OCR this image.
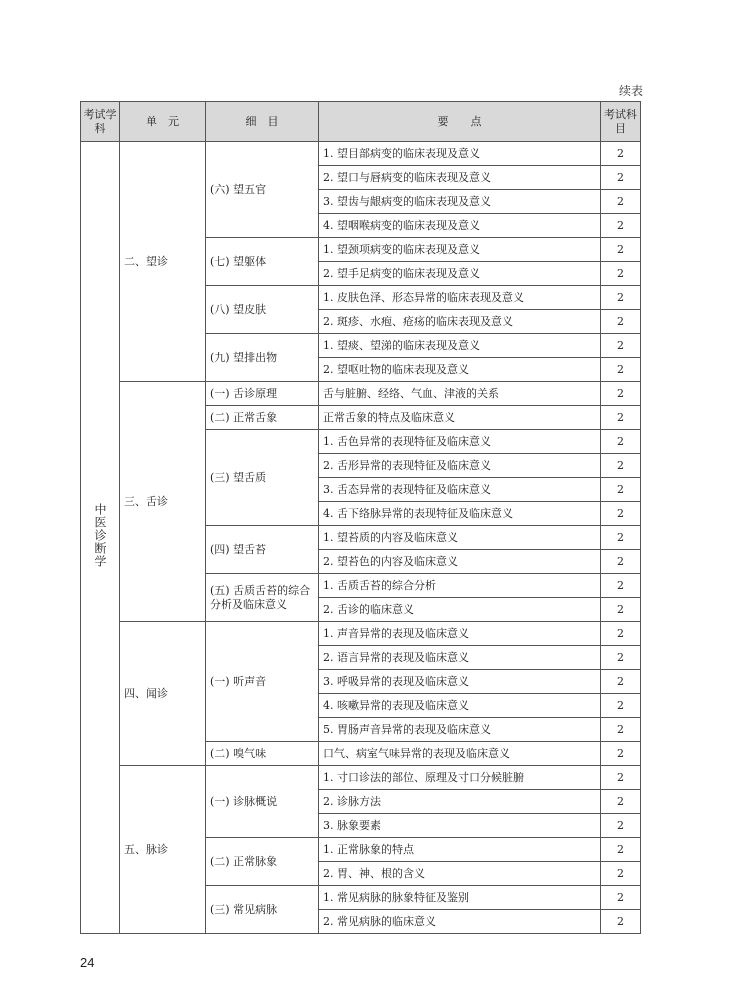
续表
考试学科	单　元	细　目	要　　点	考试科目
中医诊断学	二、望诊	(六) 望五官	1. 望目部病变的临床表现及意义	2
			2. 望口与唇病变的临床表现及意义	2
			3. 望齿与龈病变的临床表现及意义	2
			4. 望咽喉病变的临床表现及意义	2
		(七) 望躯体	1. 望颈项病变的临床表现及意义	2
			2. 望手足病变的临床表现及意义	2
		(八) 望皮肤	1. 皮肤色泽、形态异常的临床表现及意义	2
			2. 斑疹、水疱、疮疡的临床表现及意义	2
		(九) 望排出物	1. 望痰、望涕的临床表现及意义	2
			2. 望呕吐物的临床表现及意义	2
	三、舌诊	(一) 舌诊原理	舌与脏腑、经络、气血、津液的关系	2
		(二) 正常舌象	正常舌象的特点及临床意义	2
		(三) 望舌质	1. 舌色异常的表现特征及临床意义	2
			2. 舌形异常的表现特征及临床意义	2
			3. 舌态异常的表现特征及临床意义	2
			4. 舌下络脉异常的表现特征及临床意义	2
		(四) 望舌苔	1. 望苔质的内容及临床意义	2
			2. 望苔色的内容及临床意义	2
		(五) 舌质舌苔的综合分析及临床意义	1. 舌质舌苔的综合分析	2
			2. 舌诊的临床意义	2
	四、闻诊	(一) 听声音	1. 声音异常的表现及临床意义	2
			2. 语言异常的表现及临床意义	2
			3. 呼吸异常的表现及临床意义	2
			4. 咳嗽异常的表现及临床意义	2
			5. 胃肠声音异常的表现及临床意义	2
		(二) 嗅气味	口气、病室气味异常的表现及临床意义	2
	五、脉诊	(一) 诊脉概说	1. 寸口诊法的部位、原理及寸口分候脏腑	2
			2. 诊脉方法	2
			3. 脉象要素	2
		(二) 正常脉象	1. 正常脉象的特点	2
			2. 胃、神、根的含义	2
		(三) 常见病脉	1. 常见病脉的脉象特征及鉴别	2
			2. 常见病脉的临床意义	2
24
